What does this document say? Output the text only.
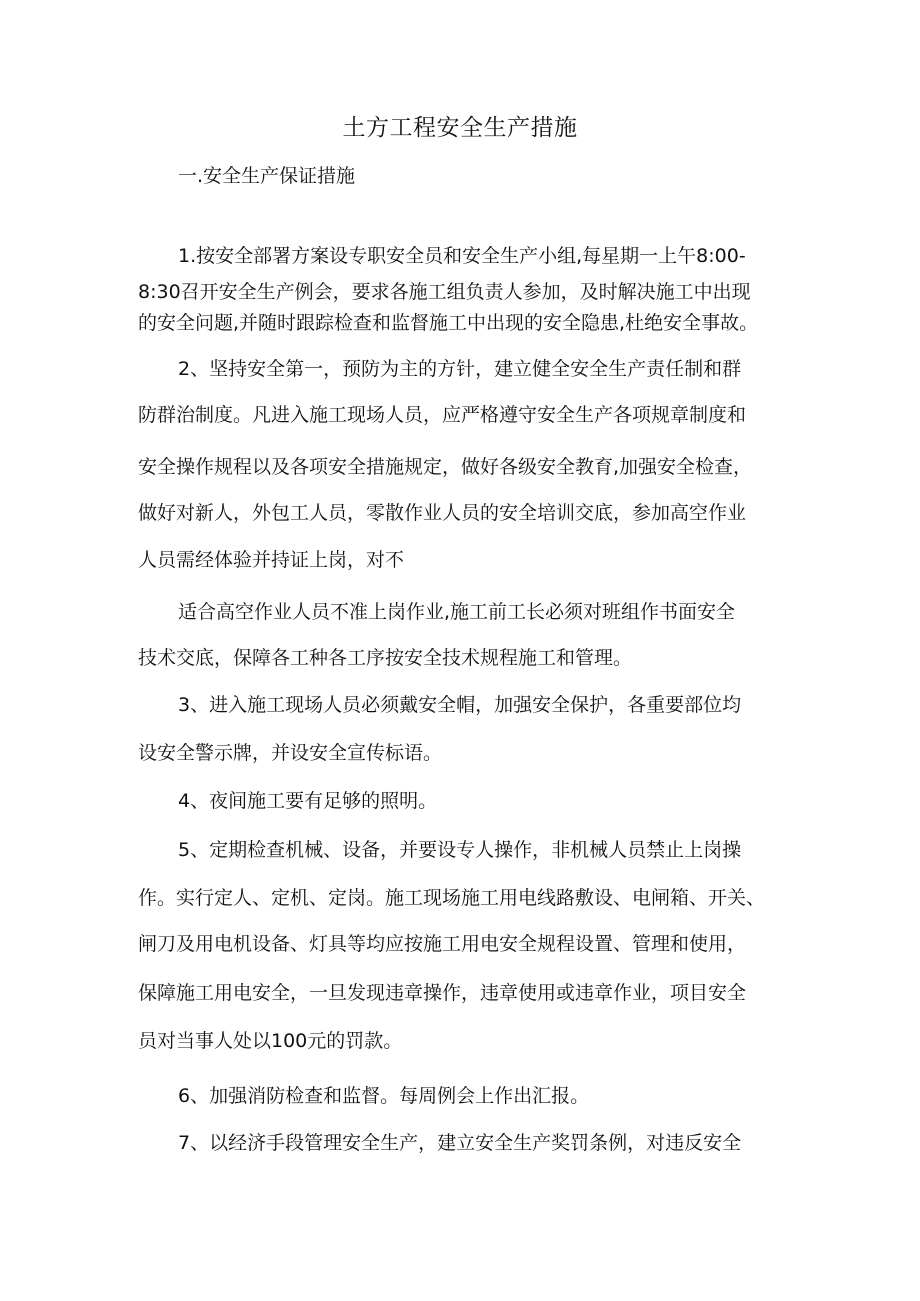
土方工程安全生产措施
一.安全生产保证措施
1.按安全部署方案设专职安全员和安全生产小组,每星期一上午8:00-
8:30召开安全生产例会，要求各施工组负责人参加，及时解决施工中出现
的安全问题,并随时跟踪检查和监督施工中出现的安全隐患,杜绝安全事故。
2、坚持安全第一，预防为主的方针，建立健全安全生产责任制和群
防群治制度。凡进入施工现场人员，应严格遵守安全生产各项规章制度和
安全操作规程以及各项安全措施规定，做好各级安全教育,加强安全检查，
做好对新人，外包工人员，零散作业人员的安全培训交底，参加高空作业
人员需经体验并持证上岗，对不
适合高空作业人员不准上岗作业,施工前工长必须对班组作书面安全
技术交底，保障各工种各工序按安全技术规程施工和管理。
3、进入施工现场人员必须戴安全帽，加强安全保护，各重要部位均
设安全警示牌，并设安全宣传标语。
4、夜间施工要有足够的照明。
5、定期检查机械、设备，并要设专人操作，非机械人员禁止上岗操
作。实行定人、定机、定岗。施工现场施工用电线路敷设、电闸箱、开关、
闸刀及用电机设备、灯具等均应按施工用电安全规程设置、管理和使用，
保障施工用电安全，一旦发现违章操作，违章使用或违章作业，项目安全
员对当事人处以100元的罚款。
6、加强消防检查和监督。每周例会上作出汇报。
7、以经济手段管理安全生产，建立安全生产奖罚条例，对违反安全
